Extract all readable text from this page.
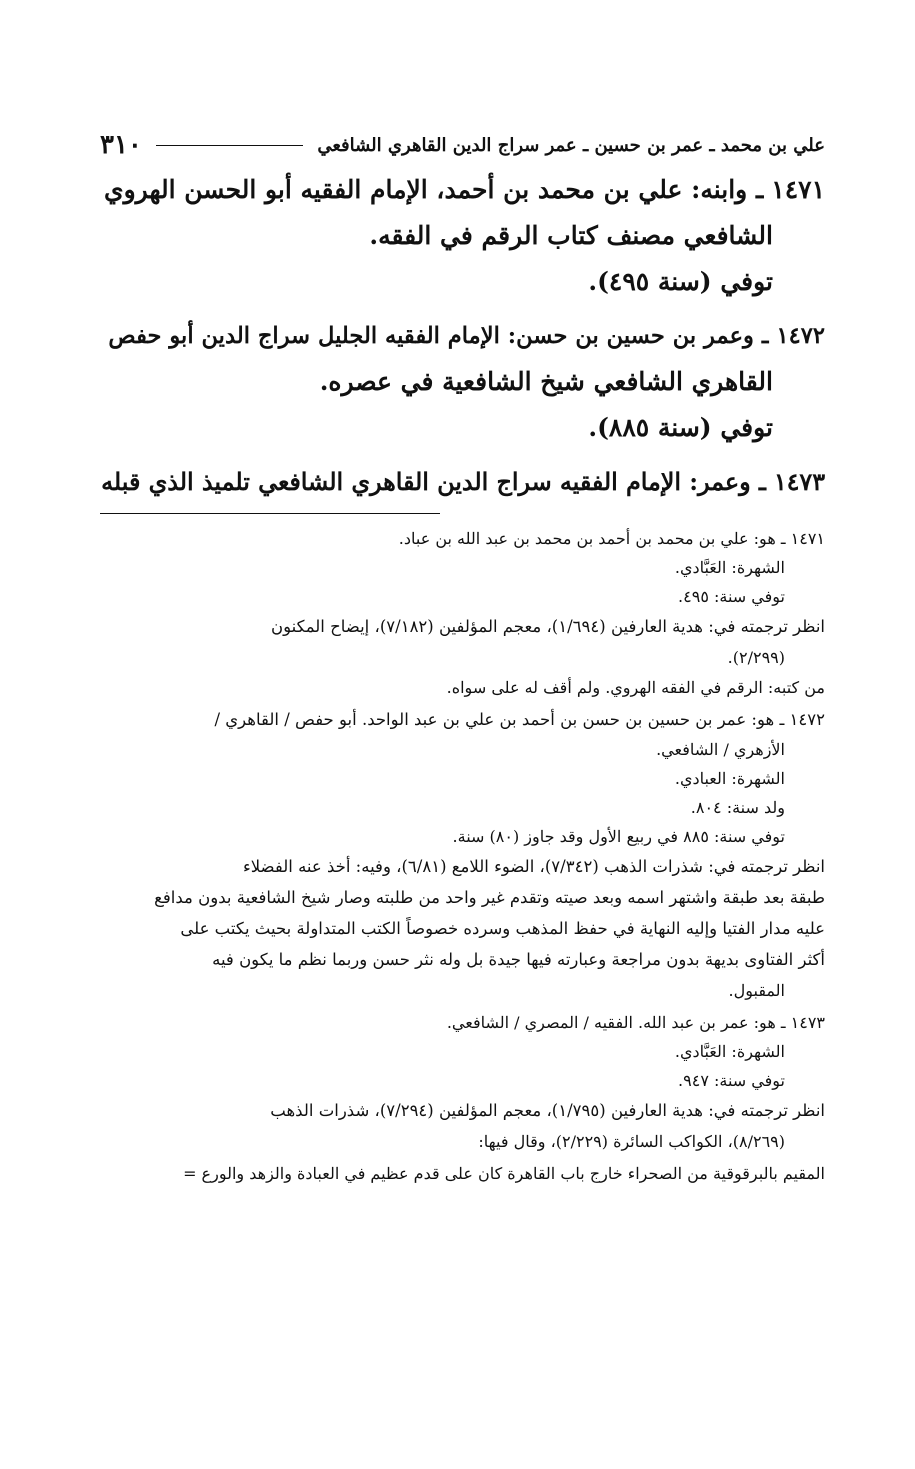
علي بن محمد ـ عمر بن حسين ـ عمر سراج الدين القاهري الشافعي
٣١٠
١٤٧١ـ وابنه: علي بن محمد بن أحمد، الإمام الفقيه أبو الحسن الهروي
الشافعي مصنف كتاب الرقم في الفقه.
توفي (سنة ٤٩٥).
١٤٧٢ـ وعمر بن حسين بن حسن: الإمام الفقيه الجليل سراج الدين أبو حفص
القاهري الشافعي شيخ الشافعية في عصره.
توفي (سنة ٨٨٥).
١٤٧٣ـ وعمر: الإمام الفقيه سراج الدين القاهري الشافعي تلميذ الذي قبله
١٤٧١ ـ هو: علي بن محمد بن أحمد بن محمد بن عبد الله بن عباد.
الشهرة: العَبَّادي.
توفي سنة: ٤٩٥.
انظر ترجمته في: هدية العارفين (١/٦٩٤)، معجم المؤلفين (٧/١٨٢)، إيضاح المكنون
(٢/٢٩٩).
من كتبه: الرقم في الفقه الهروي. ولم أقف له على سواه.
١٤٧٢ ـ هو: عمر بن حسين بن حسن بن أحمد بن علي بن عبد الواحد. أبو حفص / القاهري /
الأزهري / الشافعي.
الشهرة: العبادي.
ولد سنة: ٨٠٤.
توفي سنة: ٨٨٥ في ربيع الأول وقد جاوز (٨٠) سنة.
انظر ترجمته في: شذرات الذهب (٧/٣٤٢)، الضوء اللامع (٦/٨١)، وفيه: أخذ عنه الفضلاء
طبقة بعد طبقة واشتهر اسمه وبعد صيته وتقدم غير واحد من طلبته وصار شيخ الشافعية بدون مدافع
عليه مدار الفتيا وإليه النهاية في حفظ المذهب وسرده خصوصاً الكتب المتداولة بحيث يكتب على
أكثر الفتاوى بديهة بدون مراجعة وعبارته فيها جيدة بل وله نثر حسن وربما نظم ما يكون فيه
المقبول.
١٤٧٣ ـ هو: عمر بن عبد الله. الفقيه / المصري / الشافعي.
الشهرة: العَبَّادي.
توفي سنة: ٩٤٧.
انظر ترجمته في: هدية العارفين (١/٧٩٥)، معجم المؤلفين (٧/٢٩٤)، شذرات الذهب
(٨/٢٦٩)، الكواكب السائرة (٢/٢٢٩)، وقال فيها:
المقيم بالبرقوقية من الصحراء خارج باب القاهرة كان على قدم عظيم في العبادة والزهد والورع =
